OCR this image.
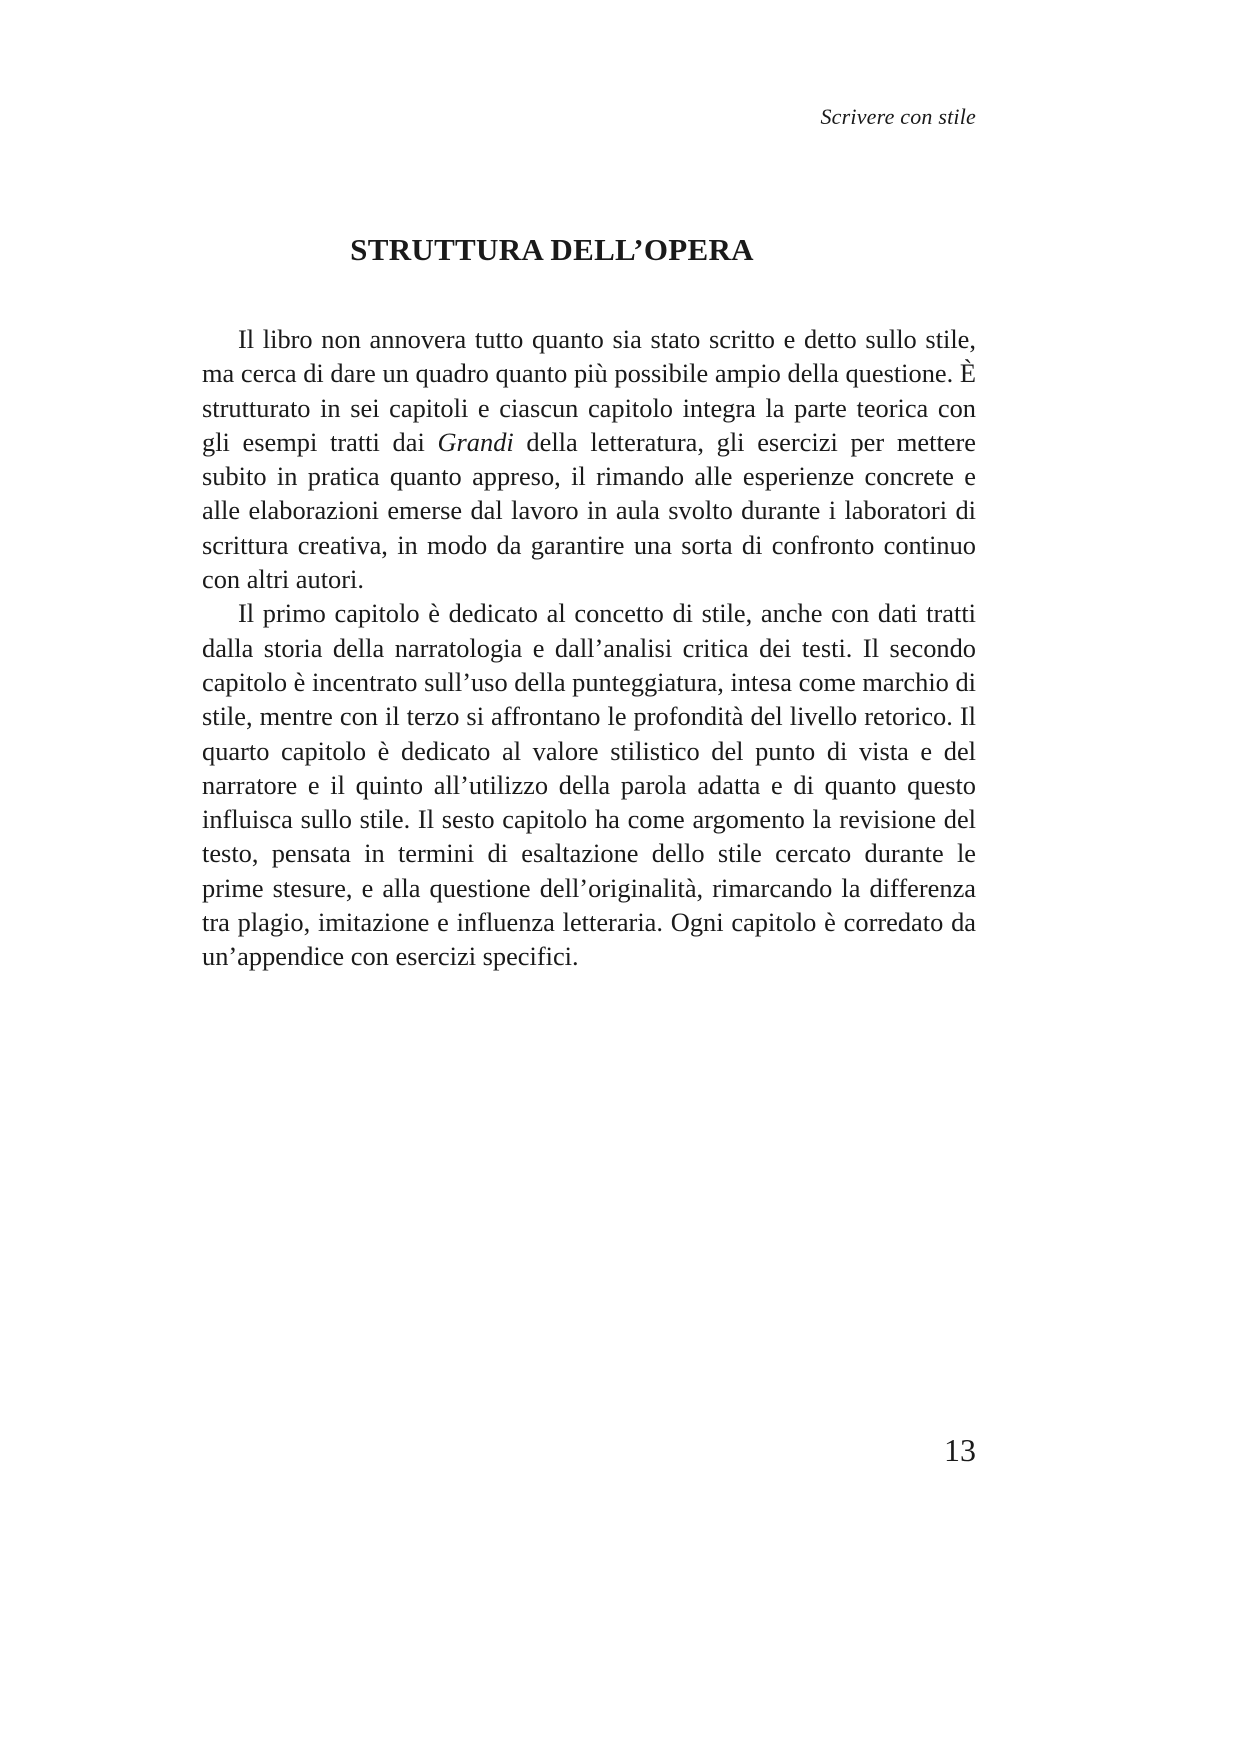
Scrivere con stile
STRUTTURA DELL’OPERA

Il libro non annovera tutto quanto sia stato scritto e detto sullo stile, ma cerca di dare un quadro quanto più possibile ampio della questione. È strutturato in sei capitoli e ciascun capitolo integra la parte teorica con gli esempi tratti dai Grandi della letteratura, gli esercizi per mettere subito in pratica quanto appreso, il rimando alle esperienze concrete e alle elaborazioni emerse dal lavoro in aula svolto durante i laboratori di scrittura creativa, in modo da garantire una sorta di confronto continuo con altri autori.

Il primo capitolo è dedicato al concetto di stile, anche con dati tratti dalla storia della narratologia e dall’analisi critica dei testi. Il secondo capitolo è incentrato sull’uso della punteggiatura, intesa come marchio di stile, mentre con il terzo si affrontano le profondità del livello retorico. Il quarto capitolo è dedicato al valore stilistico del punto di vista e del narratore e il quinto all’utilizzo della parola adatta e di quanto questo influisca sullo stile. Il sesto capitolo ha come argomento la revisione del testo, pensata in termini di esaltazione dello stile cercato durante le prime stesure, e alla questione dell’originalità, rimarcando la differenza tra plagio, imitazione e influenza letteraria. Ogni capitolo è corredato da un’appendice con esercizi specifici.

13
